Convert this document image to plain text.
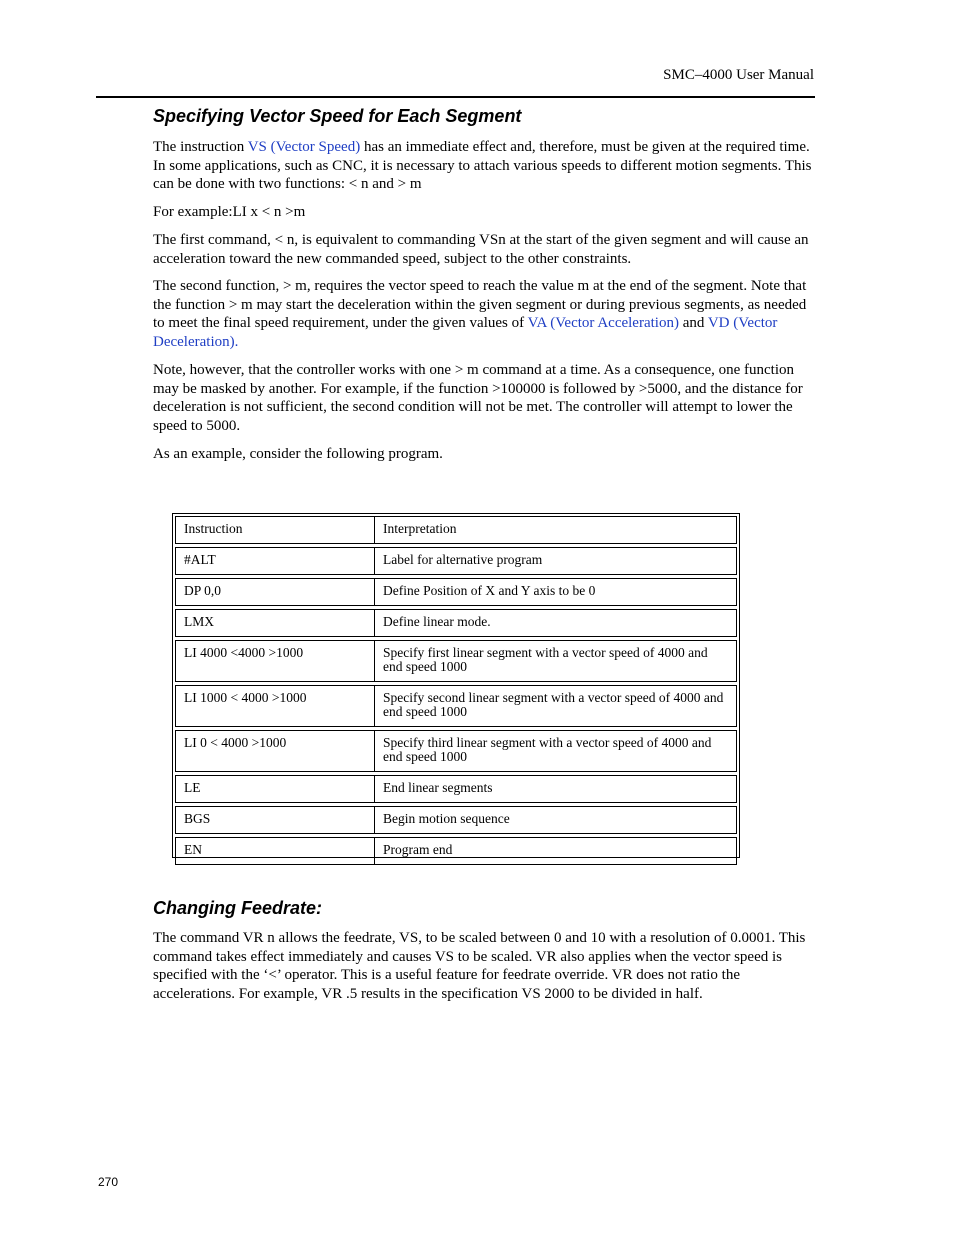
SMC–4000 User Manual
Specifying Vector Speed for Each Segment

The instruction VS (Vector Speed) has an immediate effect and, therefore, must be given at the required time. In some applications, such as CNC, it is necessary to attach various speeds to different motion segments. This can be done with two functions: < n and > m

For example:LI x < n >m

The first command, < n, is equivalent to commanding VSn at the start of the given segment and will cause an acceleration toward the new commanded speed, subject to the other constraints.

The second function, > m, requires the vector speed to reach the value m at the end of the segment. Note that the function > m may start the deceleration within the given segment or during previous segments, as needed to meet the final speed requirement, under the given values of VA (Vector Acceleration) and VD (Vector Deceleration).

Note, however, that the controller works with one > m command at a time. As a consequence, one function may be masked by another. For example, if the function >100000 is followed by >5000, and the distance for deceleration is not sufficient, the second condition will not be met. The controller will attempt to lower the speed to 5000.

As an example, consider the following program.

Instruction	Interpretation
#ALT	Label for alternative program
DP 0,0	Define Position of X and Y axis to be 0
LMX	Define linear mode.
LI 4000 <4000 >1000	Specify first linear segment with a vector speed of 4000 and end speed 1000
LI 1000 < 4000 >1000	Specify second linear segment with a vector speed of 4000 and end speed 1000
LI 0 < 4000 >1000	Specify third linear segment with a vector speed of 4000 and end speed 1000
LE	End linear segments
BGS	Begin motion sequence
EN	Program end
Changing Feedrate:

The command VR n allows the feedrate, VS, to be scaled between 0 and 10 with a resolution of 0.0001. This command takes effect immediately and causes VS to be scaled. VR also applies when the vector speed is specified with the ‘<’ operator. This is a useful feature for feedrate override. VR does not ratio the accelerations. For example, VR .5 results in the specification VS 2000 to be divided in half.

270
